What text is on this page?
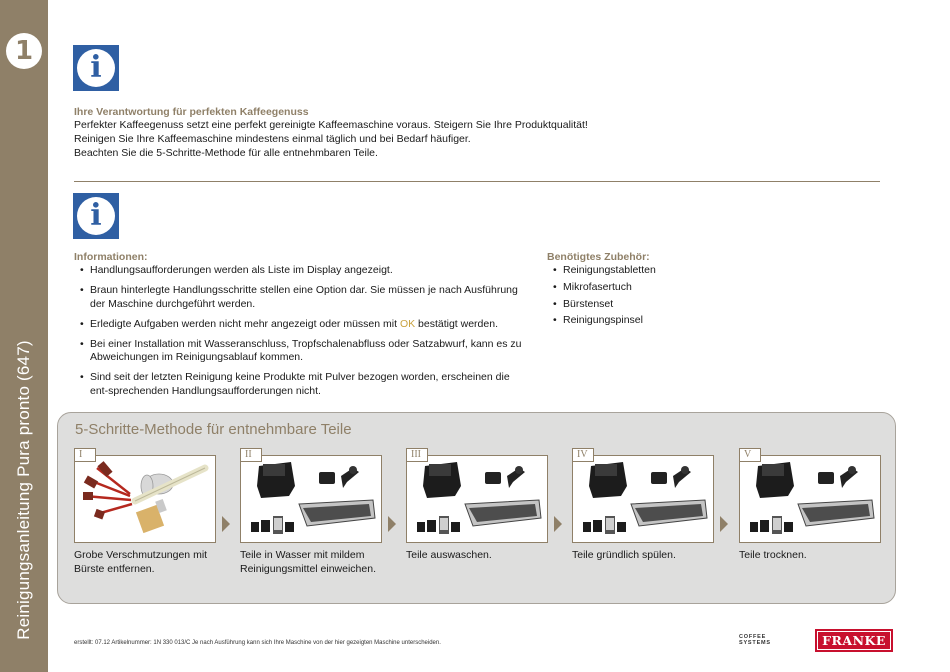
1
Reinigungsanleitung Pura pronto (647)
i
Ihre Verantwortung für perfekten Kaffeegenuss
Perfekter Kaffeegenuss setzt eine perfekt gereinigte Kaffeemaschine voraus. Steigern Sie Ihre Produktqualität!
Reinigen Sie Ihre Kaffeemaschine mindestens einmal täglich und bei Bedarf häufiger.
Beachten Sie die 5-Schritte-Methode für alle entnehmbaren Teile.
i
Informationen:
• Handlungsaufforderungen werden als Liste im Display angezeigt.
• Braun hinterlegte Handlungsschritte stellen eine Option dar. Sie müssen je nach Ausführung der Maschine durchgeführt werden.
• Erledigte Aufgaben werden nicht mehr angezeigt oder müssen mit OK bestätigt werden.
• Bei einer Installation mit Wasseranschluss, Tropfschalenabfluss oder Satzabwurf, kann es zu Abweichungen im Reinigungsablauf kommen.
• Sind seit der letzten Reinigung keine Produkte mit Pulver bezogen worden, erscheinen die ent-sprechenden Handlungsaufforderungen nicht.
Benötigtes Zubehör:
• Reinigungstabletten
• Mikrofasertuch
• Bürstenset
• Reinigungspinsel
5-Schritte-Methode für entnehmbare Teile
I
Grobe Verschmutzungen mit
Bürste entfernen.
II
Teile in Wasser mit mildem
Reinigungsmittel einweichen.
III
Teile auswaschen.
IV
Teile gründlich spülen.
V
Teile trocknen.
erstellt: 07.12 Artikelnummer: 1N 330 013/C Je nach Ausführung kann sich Ihre Maschine von der hier gezeigten Maschine unterscheiden.
COFFEE
SYSTEMS	FRANKE
